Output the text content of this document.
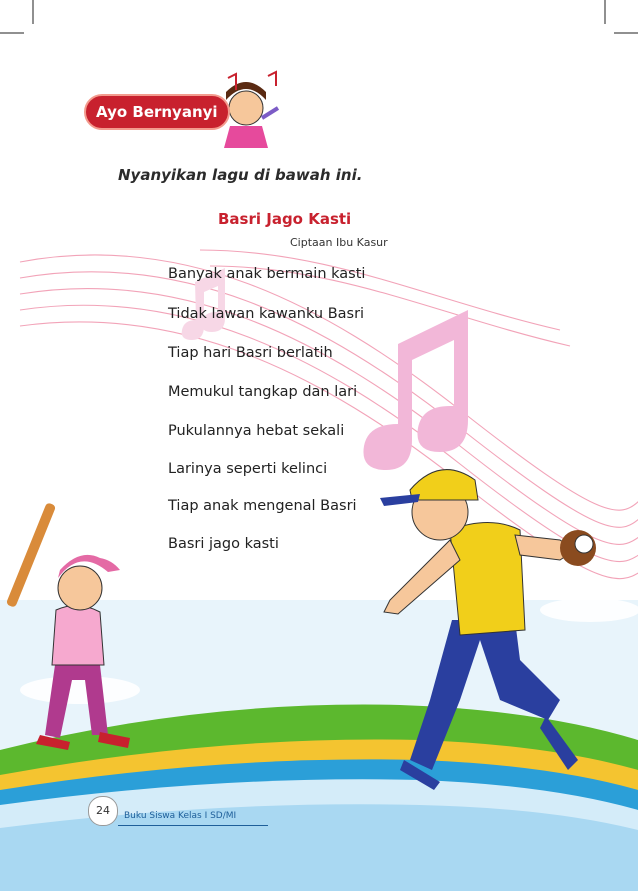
Ayo Bernyanyi
Nyanyikan lagu di bawah ini.
Basri Jago Kasti
Ciptaan Ibu Kasur
Banyak anak bermain kasti
Tidak lawan kawanku Basri
Tiap hari Basri berlatih
Memukul tangkap dan lari
Pukulannya hebat sekali
Larinya seperti kelinci
Tiap anak mengenal Basri
Basri jago kasti
24	Buku Siswa Kelas I SD/MI
